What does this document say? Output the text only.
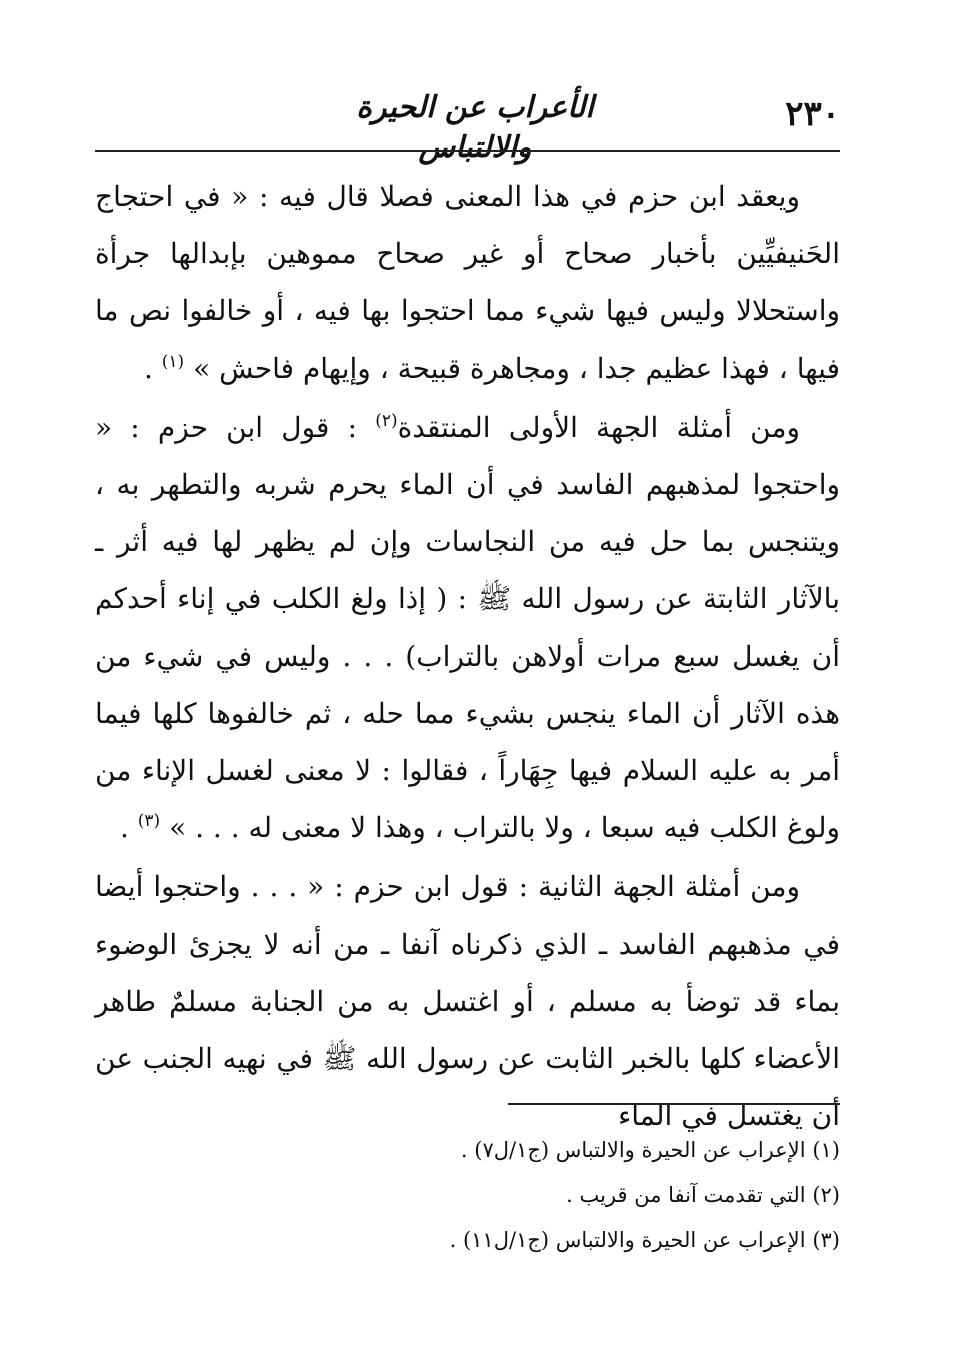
٢٣٠
الأعراب عن الحيرة والالتباس

ويعقد ابن حزم في هذا المعنى فصلا قال فيه : « في احتجاج الحَنيفيِّين بأخبار صحاح أو غير صحاح مموهين بإبدالها جرأة واستحلالا وليس فيها شيء مما احتجوا بها فيه ، أو خالفوا نص ما فيها ، فهذا عظيم جدا ، ومجاهرة قبيحة ، وإيهام فاحش » $^{(١)}$ .

ومن أمثلة الجهة الأولى المنتقدة$^{(٢)}$ : قول ابن حزم : « واحتجوا لمذهبهم الفاسد في أن الماء يحرم شربه والتطهر به ، ويتنجس بما حل فيه من النجاسات وإن لم يظهر لها فيه أثر ـ بالآثار الثابتة عن رسول الله ﷺ : ( إذا ولغ الكلب في إناء أحدكم أن يغسل سبع مرات أولاهن بالتراب) . . . وليس في شيء من هذه الآثار أن الماء ينجس بشيء مما حله ، ثم خالفوها كلها فيما أمر به عليه السلام فيها جِهَاراً ، فقالوا : لا معنى لغسل الإناء من ولوغ الكلب فيه سبعا ، ولا بالتراب ، وهذا لا معنى له . . . » $^{(٣)}$ .

ومن أمثلة الجهة الثانية : قول ابن حزم : « . . . واحتجوا أيضا في مذهبهم الفاسد ـ الذي ذكرناه آنفا ـ من أنه لا يجزئ الوضوء بماء قد توضأ به مسلم ، أو اغتسل به من الجنابة مسلمٌ طاهر الأعضاء كلها بالخبر الثابت عن رسول الله ﷺ في نهيه الجنب عن أن يغتسل في الماء

(١) الإعراب عن الحيرة والالتباس (ج١/ل٧) .
(٢) التي تقدمت آنفا من قريب .
(٣) الإعراب عن الحيرة والالتباس (ج١/ل١١) .
